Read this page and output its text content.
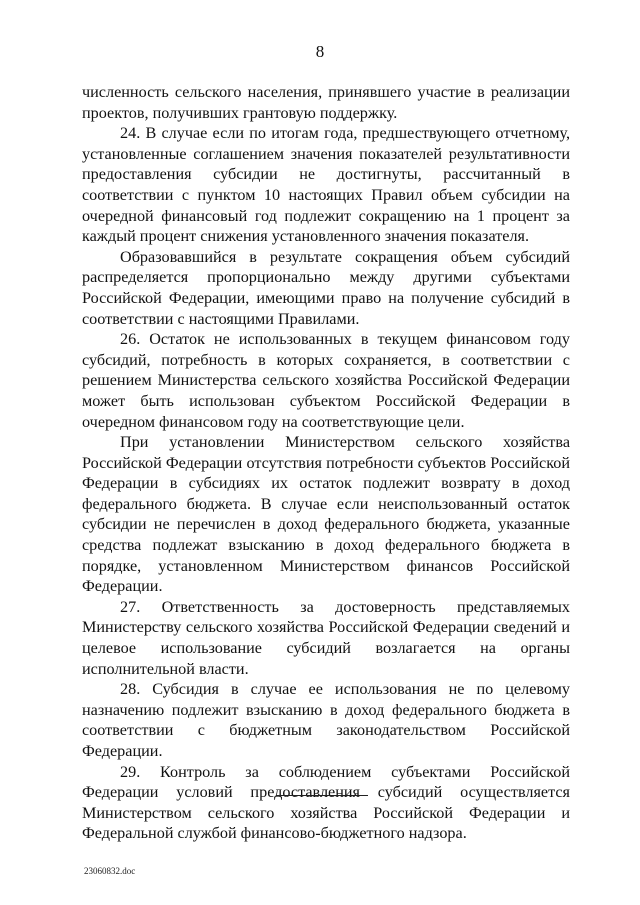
8

численность сельского населения, принявшего участие в реализации проектов, получивших грантовую поддержку.

24. В случае если по итогам года, предшествующего отчетному, установленные соглашением значения показателей результативности предоставления субсидии не достигнуты, рассчитанный в соответствии с пунктом 10 настоящих Правил объем субсидии на очередной финансовый год подлежит сокращению на 1 процент за каждый процент снижения установленного значения показателя.

Образовавшийся в результате сокращения объем субсидий распределяется пропорционально между другими субъектами Российской Федерации, имеющими право на получение субсидий в соответствии с настоящими Правилами.

26. Остаток не использованных в текущем финансовом году субсидий, потребность в которых сохраняется, в соответствии с решением Министерства сельского хозяйства Российской Федерации может быть использован субъектом Российской Федерации в очередном финансовом году на соответствующие цели.

При установлении Министерством сельского хозяйства Российской Федерации отсутствия потребности субъектов Российской Федерации в субсидиях их остаток подлежит возврату в доход федерального бюджета. В случае если неиспользованный остаток субсидии не перечислен в доход федерального бюджета, указанные средства подлежат взысканию в доход федерального бюджета в порядке, установленном Министерством финансов Российской Федерации.

27. Ответственность за достоверность представляемых Министерству сельского хозяйства Российской Федерации сведений и целевое использование субсидий возлагается на органы исполнительной власти.

28. Субсидия в случае ее использования не по целевому назначению подлежит взысканию в доход федерального бюджета в соответствии с бюджетным законодательством Российской Федерации.

29. Контроль за соблюдением субъектами Российской Федерации условий предоставления субсидий осуществляется Министерством сельского хозяйства Российской Федерации и Федеральной службой финансово-бюджетного надзора.

23060832.doc
